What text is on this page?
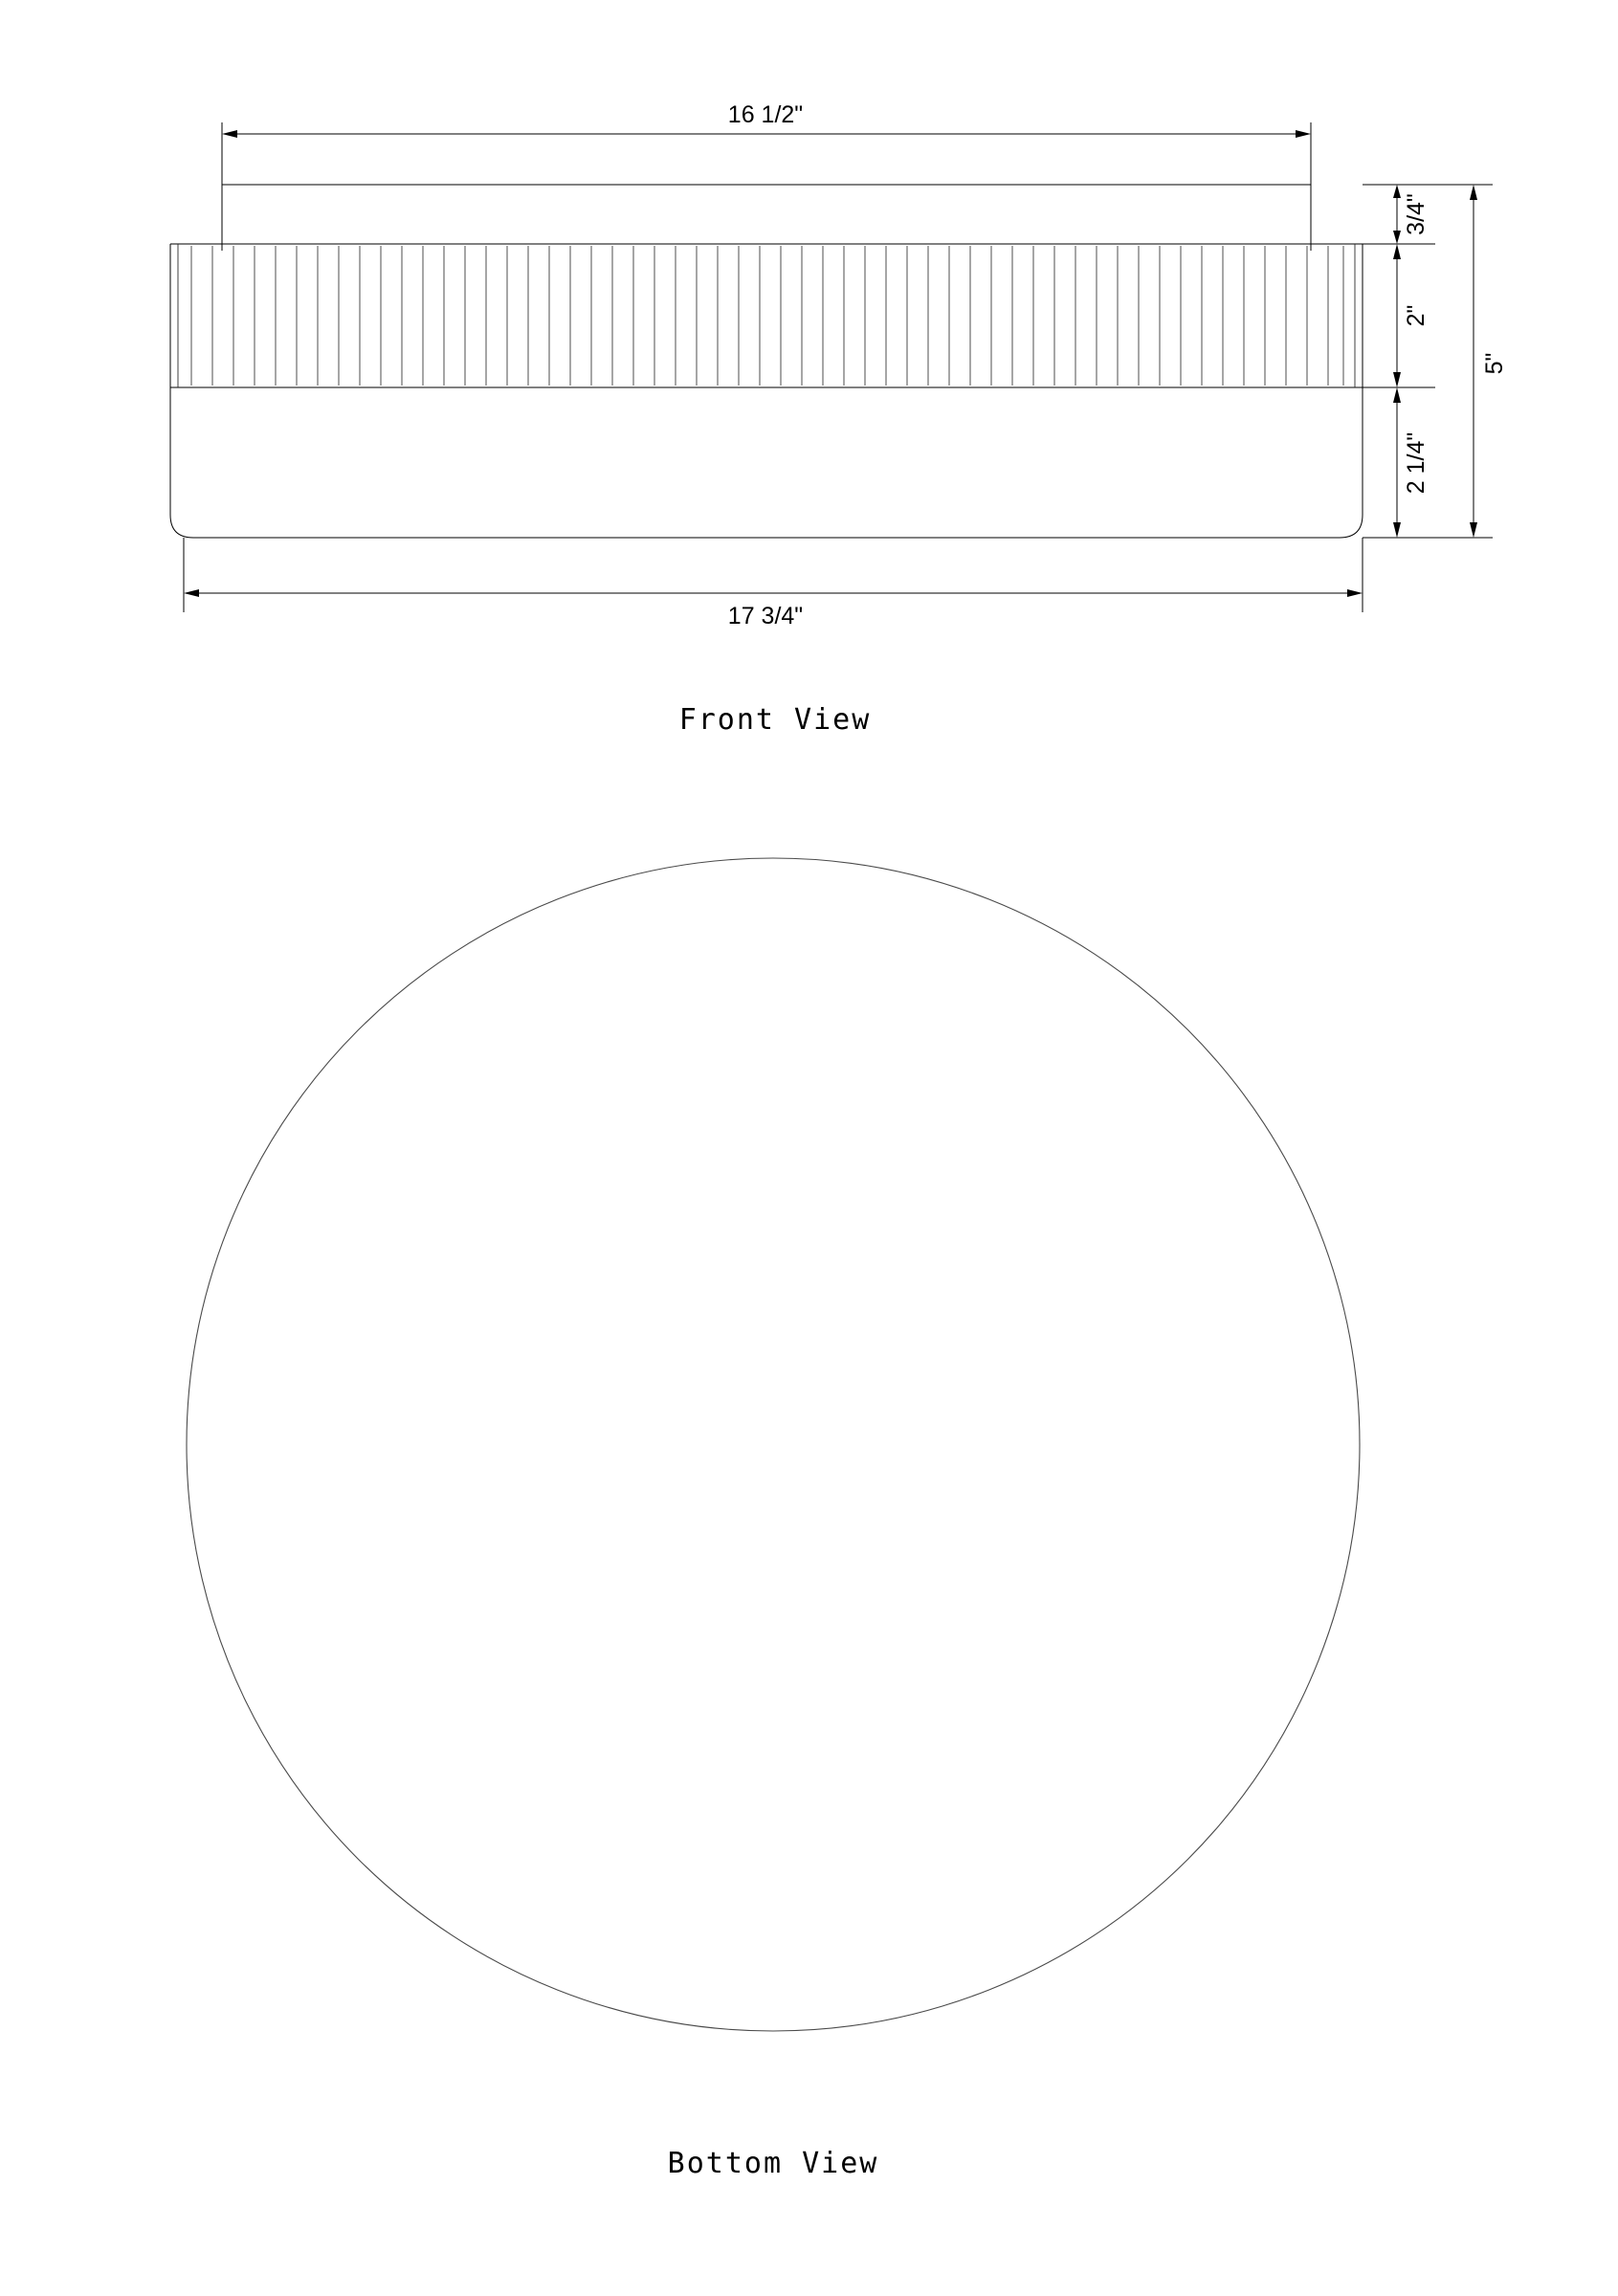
16 1/2"
17 3/4"
3/4"
2"
2 1/4"
5"
Front View
Bottom View
